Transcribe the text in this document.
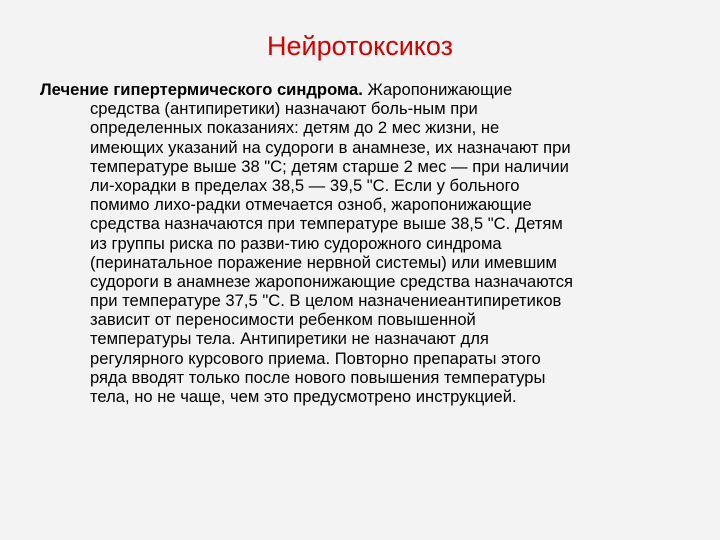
Нейротоксикоз
Лечение гипертермического синдрома. Жаропонижающие
средства (антипиретики) назначают боль-ным при
определенных показаниях: детям до 2 мес жизни, не
имеющих указаний на судороги в анамнезе, их назначают при
температуре выше 38 "С; детям старше 2 мес — при наличии
ли-хорадки в пределах 38,5 — 39,5 "С. Если у больного
помимо лихо-радки отмечается озноб, жаропонижающие
средства назначаются при температуре выше 38,5 "С. Детям
из группы риска по разви-тию судорожного синдрома
(перинатальное поражение нервной системы) или имевшим
судороги в анамнезе жаропонижающие средства назначаются
при температуре 37,5 "С. В целом назначениеантипиретиков
зависит от переносимости ребенком повышенной
температуры тела. Антипиретики не назначают для
регулярного курсового приема. Повторно препараты этого
ряда вводят только после нового повышения температуры
тела, но не чаще, чем это предусмотрено инструкцией.
